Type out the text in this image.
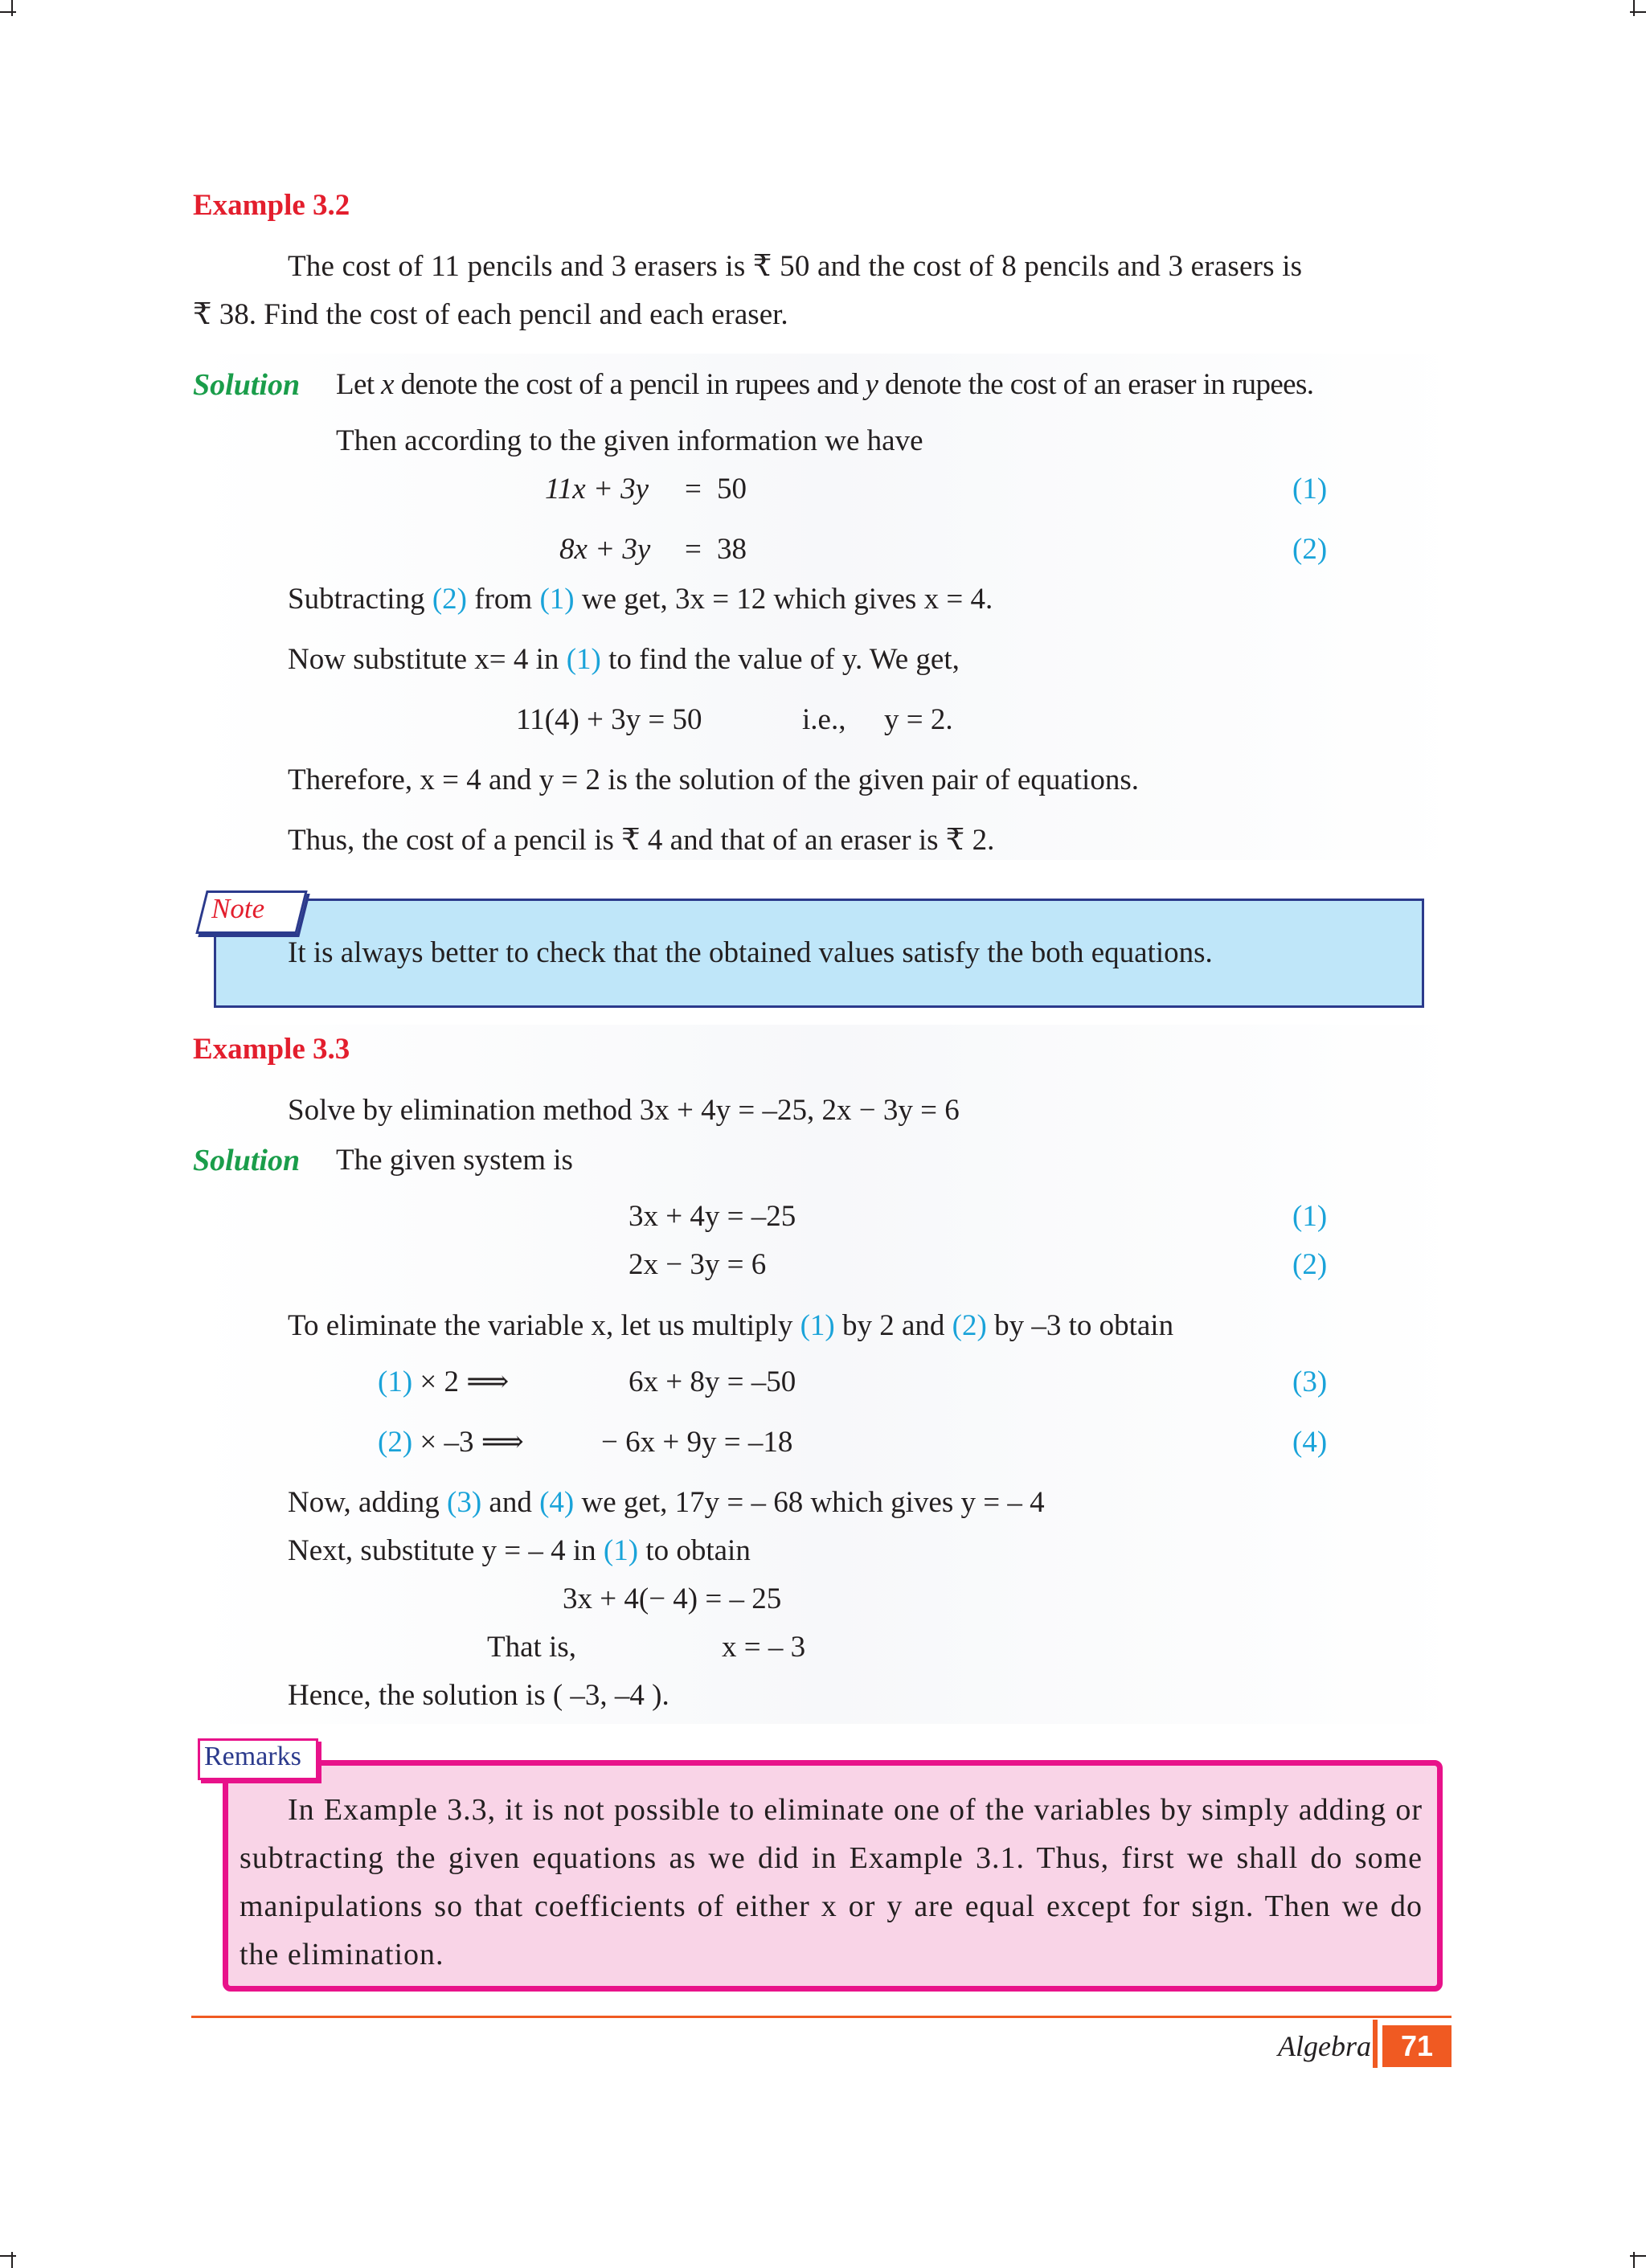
Example 3.2
The cost of 11 pencils and 3 erasers is ₹ 50 and the cost of 8 pencils and 3 erasers is
₹ 38. Find the cost of each pencil and each eraser.
Solution Let x denote the cost of a pencil in rupees and y denote the cost of an eraser in rupees.
Then according to the given information we have
11x + 3y = 50	(1)
8x + 3y = 38	(2)
Subtracting (2) from (1) we get, 3x = 12 which gives x = 4.
Now substitute x= 4 in (1) to find the value of y. We get,
11(4) + 3y = 50	i.e., y = 2.
Therefore, x = 4 and y = 2 is the solution of the given pair of equations.
Thus, the cost of a pencil is ₹ 4 and that of an eraser is ₹ 2.
Note
It is always better to check that the obtained values satisfy the both equations.
Example 3.3
Solve by elimination method 3x + 4y = –25, 2x − 3y = 6
Solution The given system is
3x + 4y = –25	(1)
2x − 3y = 6	(2)
To eliminate the variable x, let us multiply (1) by 2 and (2) by –3 to obtain
(1) × 2 ⟹	6x + 8y = –50	(3)
(2) × –3 ⟹	− 6x + 9y = –18	(4)
Now, adding (3) and (4) we get, 17y = – 68 which gives y = – 4
Next, substitute y = – 4 in (1) to obtain
3x + 4(− 4) = – 25
That is,	x = – 3
Hence, the solution is ( –3, –4 ).
Remarks
In Example 3.3, it is not possible to eliminate one of the variables by simply adding or subtracting the given equations as we did in Example 3.1. Thus, first we shall do some manipulations so that coefficients of either x or y are equal except for sign. Then we do the elimination.
Algebra	71
